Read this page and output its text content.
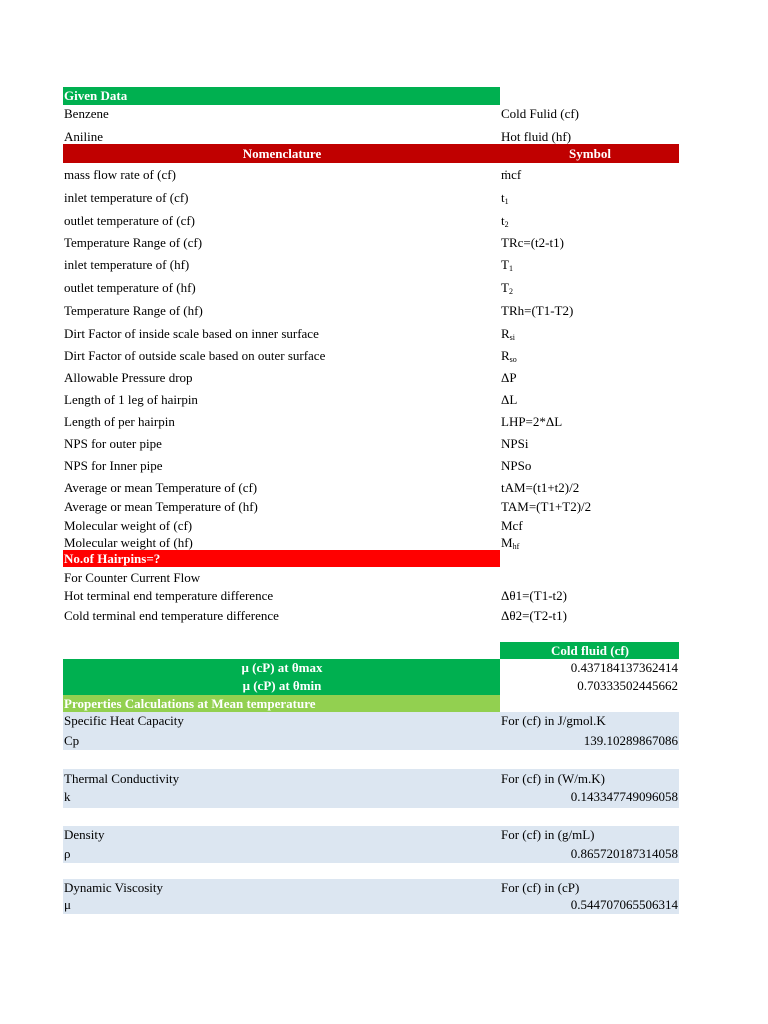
Given Data
Benzene	Cold Fulid (cf)
Aniline	Hot fluid (hf)
Nomenclature	Symbol
mass flow rate of (cf)	ṁcf
inlet temperature of (cf)	$t_1$
outlet temperature of (cf)	$t_2$
Temperature Range of (cf)	TRc=(t2-t1)
inlet temperature of (hf)	$T_1$
outlet temperature of (hf)	$T_2$
Temperature Range of (hf)	TRh=(T1-T2)
Dirt Factor of inside scale based on inner surface	$R_{si}$
Dirt Factor of outside scale based on outer surface	$R_{so}$
Allowable Pressure drop	ΔP
Length of 1 leg of hairpin	ΔL
Length of per hairpin	LHP=2*ΔL
NPS for outer pipe	NPSi
NPS for Inner pipe	NPSo
Average or mean Temperature of (cf)	tAM=(t1+t2)/2
Average or mean Temperature of (hf)	TAM=(T1+T2)/2
Molecular weight of (cf)	Mcf
Molecular weight of (hf)	$M_{hf}$
No.of Hairpins=?
For Counter Current Flow
Hot terminal end temperature difference	Δθ1=(T1-t2)
Cold terminal end temperature difference	Δθ2=(T2-t1)
Cold fluid (cf)
μ (cP) at θmax	0.437184137362414
μ (cP) at θmin	0.70333502445662
Properties Calculations at Mean temperature
Specific Heat Capacity	For (cf) in J/gmol.K
Cp	139.10289867086
Thermal Conductivity	For (cf) in (W/m.K)
k	0.143347749096058
Density	For (cf) in (g/mL)
ρ	0.865720187314058
Dynamic Viscosity	For (cf) in (cP)
μ	0.544707065506314
